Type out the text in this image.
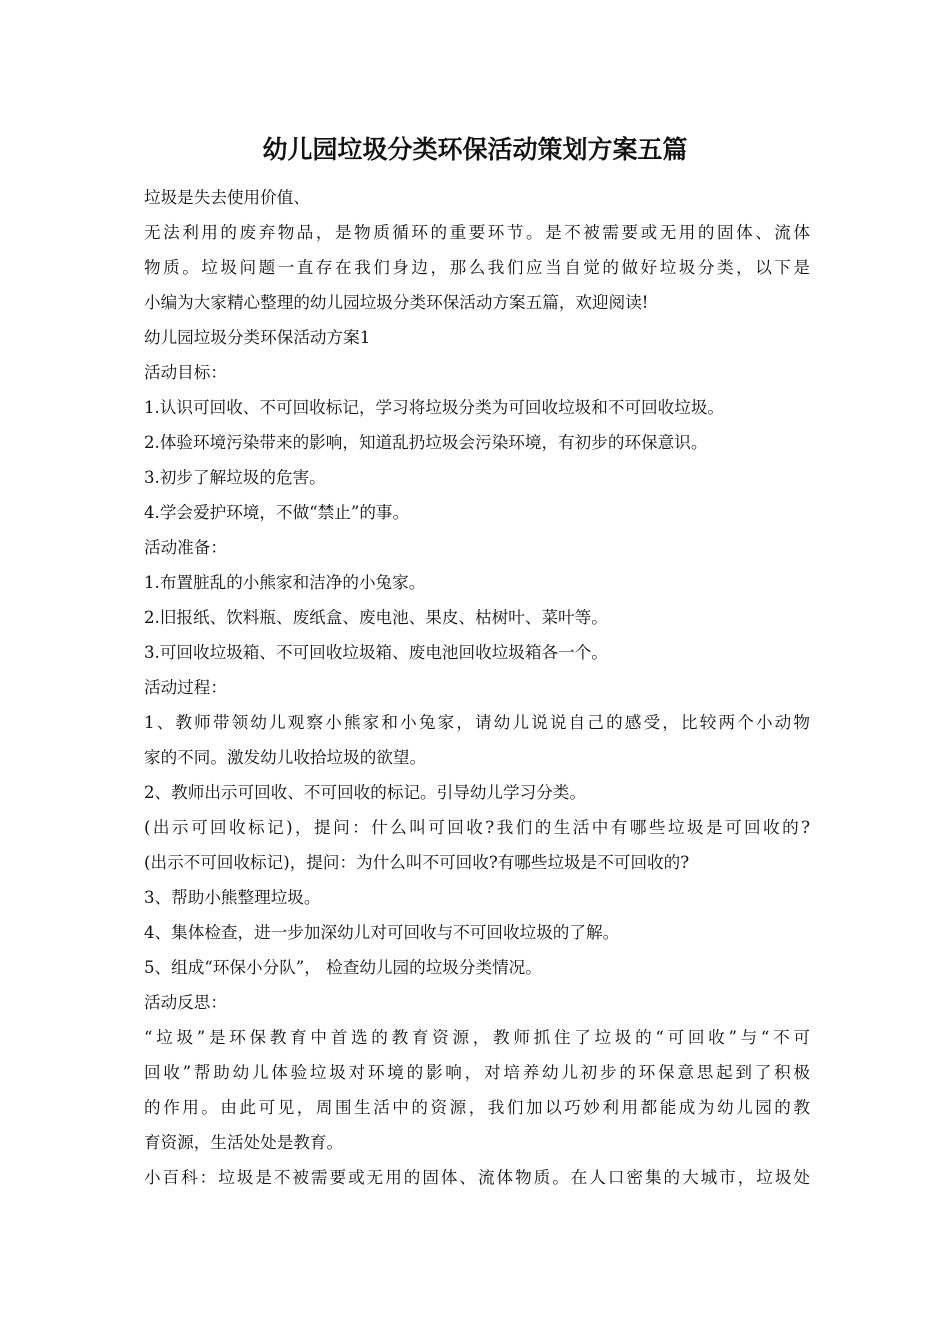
幼儿园垃圾分类环保活动策划方案五篇

垃圾是失去使用价值、

无法利用的废弃物品，是物质循环的重要环节。是不被需要或无用的固体、流体

物质。垃圾问题一直存在我们身边，那么我们应当自觉的做好垃圾分类，以下是

小编为大家精心整理的幼儿园垃圾分类环保活动方案五篇，欢迎阅读!

幼儿园垃圾分类环保活动方案1

活动目标：

1.认识可回收、不可回收标记，学习将垃圾分类为可回收垃圾和不可回收垃圾。

2.体验环境污染带来的影响，知道乱扔垃圾会污染环境，有初步的环保意识。

3.初步了解垃圾的危害。

4.学会爱护环境，不做“禁止”的事。

活动准备：

1.布置脏乱的小熊家和洁净的小兔家。

2.旧报纸、饮料瓶、废纸盒、废电池、果皮、枯树叶、菜叶等。

3.可回收垃圾箱、不可回收垃圾箱、废电池回收垃圾箱各一个。

活动过程：

1、教师带领幼儿观察小熊家和小兔家，请幼儿说说自己的感受，比较两个小动物

家的不同。激发幼儿收拾垃圾的欲望。

2、教师出示可回收、不可回收的标记。引导幼儿学习分类。

(出示可回收标记)，提问：什么叫可回收?我们的生活中有哪些垃圾是可回收的?

(出示不可回收标记)，提问：为什么叫不可回收?有哪些垃圾是不可回收的?

3、帮助小熊整理垃圾。

4、集体检查，进一步加深幼儿对可回收与不可回收垃圾的了解。

5、组成“环保小分队”， 检查幼儿园的垃圾分类情况。

活动反思：

“垃圾”是环保教育中首选的教育资源，教师抓住了垃圾的“可回收”与“不可

回收”帮助幼儿体验垃圾对环境的影响，对培养幼儿初步的环保意思起到了积极

的作用。由此可见，周围生活中的资源，我们加以巧妙利用都能成为幼儿园的教

育资源，生活处处是教育。

小百科：垃圾是不被需要或无用的固体、流体物质。在人口密集的大城市，垃圾处
